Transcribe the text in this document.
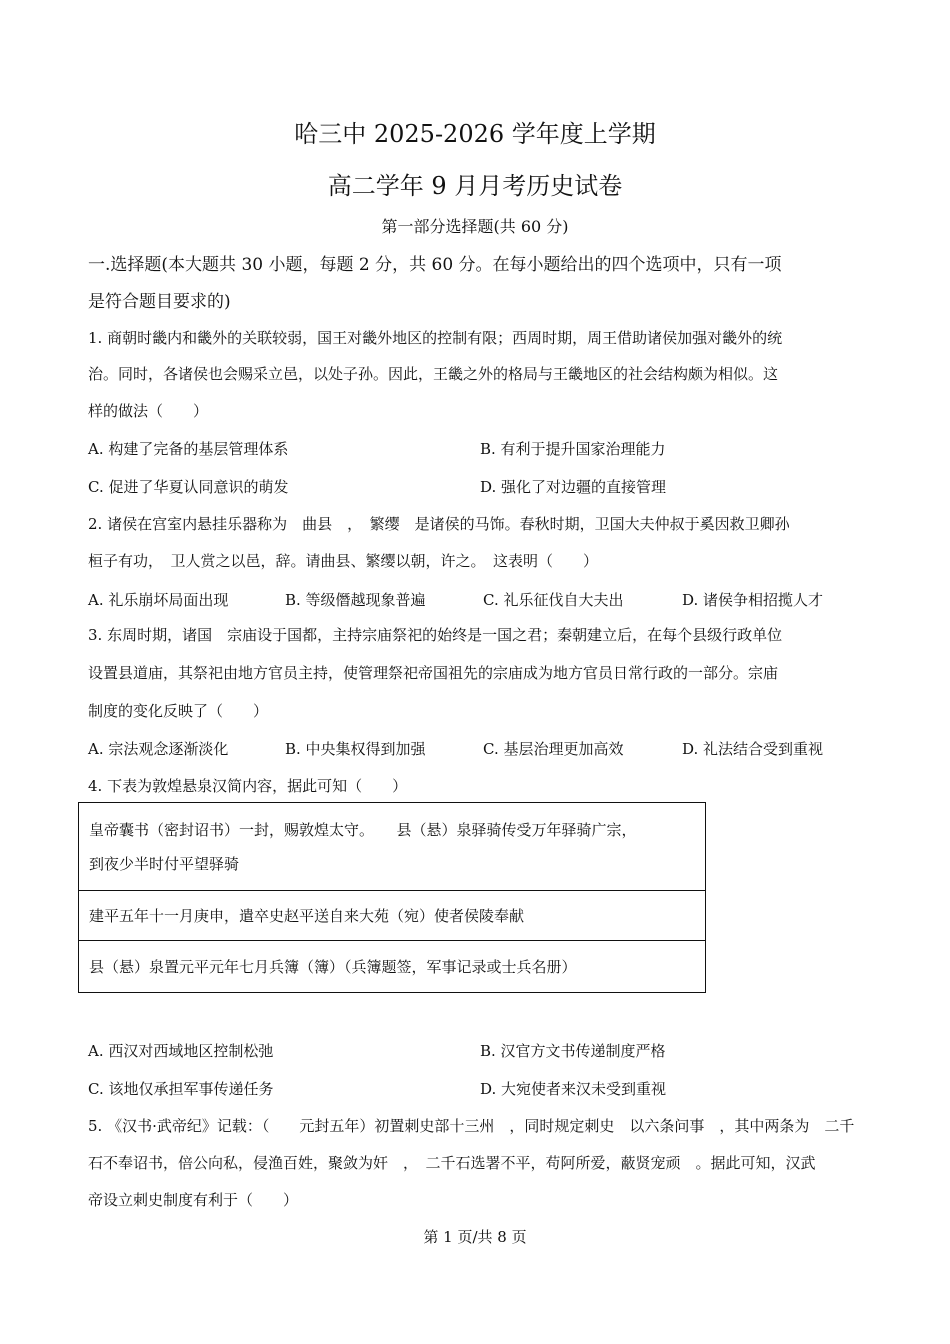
哈三中 2025-2026 学年度上学期
高二学年 9 月月考历史试卷
第一部分选择题(共 60 分)
一.选择题(本大题共 30 小题，每题 2 分，共 60 分。在每小题给出的四个选项中，只有一项
是符合题目要求的)
1. 商朝时畿内和畿外的关联较弱，国王对畿外地区的控制有限；西周时期，周王借助诸侯加强对畿外的统
治。同时，各诸侯也会赐采立邑，以处子孙。因此，王畿之外的格局与王畿地区的社会结构颇为相似。这
样的做法（　　）
A. 构建了完备的基层管理体系	B. 有利于提升国家治理能力
C. 促进了华夏认同意识的萌发	D. 强化了对边疆的直接管理
2. 诸侯在宫室内悬挂乐器称为　曲县　，　繁缨　是诸侯的马饰。春秋时期，卫国大夫仲叔于奚因救卫卿孙
桓子有功，　卫人赏之以邑，辞。请曲县、繁缨以朝，许之。　这表明（　　）
A. 礼乐崩坏局面出现	B. 等级僭越现象普遍	C. 礼乐征伐自大夫出	D. 诸侯争相招揽人才
3. 东周时期，诸国　宗庙设于国都，主持宗庙祭祀的始终是一国之君；秦朝建立后，在每个县级行政单位
设置县道庙，其祭祀由地方官员主持，使管理祭祀帝国祖先的宗庙成为地方官员日常行政的一部分。宗庙
制度的变化反映了（　　）
A. 宗法观念逐渐淡化	B. 中央集权得到加强	C. 基层治理更加高效	D. 礼法结合受到重视
4. 下表为敦煌悬泉汉简内容，据此可知（　　）
皇帝囊书（密封诏书）一封，赐敦煌太守。　　县（悬）泉驿骑传受万年驿骑广宗，
到夜少半时付平望驿骑

建平五年十一月庚申，遣卒史赵平送自来大苑（宛）使者侯陵奉献

县（悬）泉置元平元年七月兵簿（簿）（兵簿题签，军事记录或士兵名册）
A. 西汉对西域地区控制松弛	B. 汉官方文书传递制度严格
C. 该地仅承担军事传递任务	D. 大宛使者来汉未受到重视
5. 《汉书·武帝纪》记载：（　　元封五年）初置刺史部十三州　，同时规定刺史　以六条问事　，其中两条为　二千
石不奉诏书，倍公向私，侵渔百姓，聚敛为奸　，　二千石选署不平，苟阿所爱，蔽贤宠顽　。据此可知，汉武
帝设立刺史制度有利于（　　）
第 1 页/共 8 页
